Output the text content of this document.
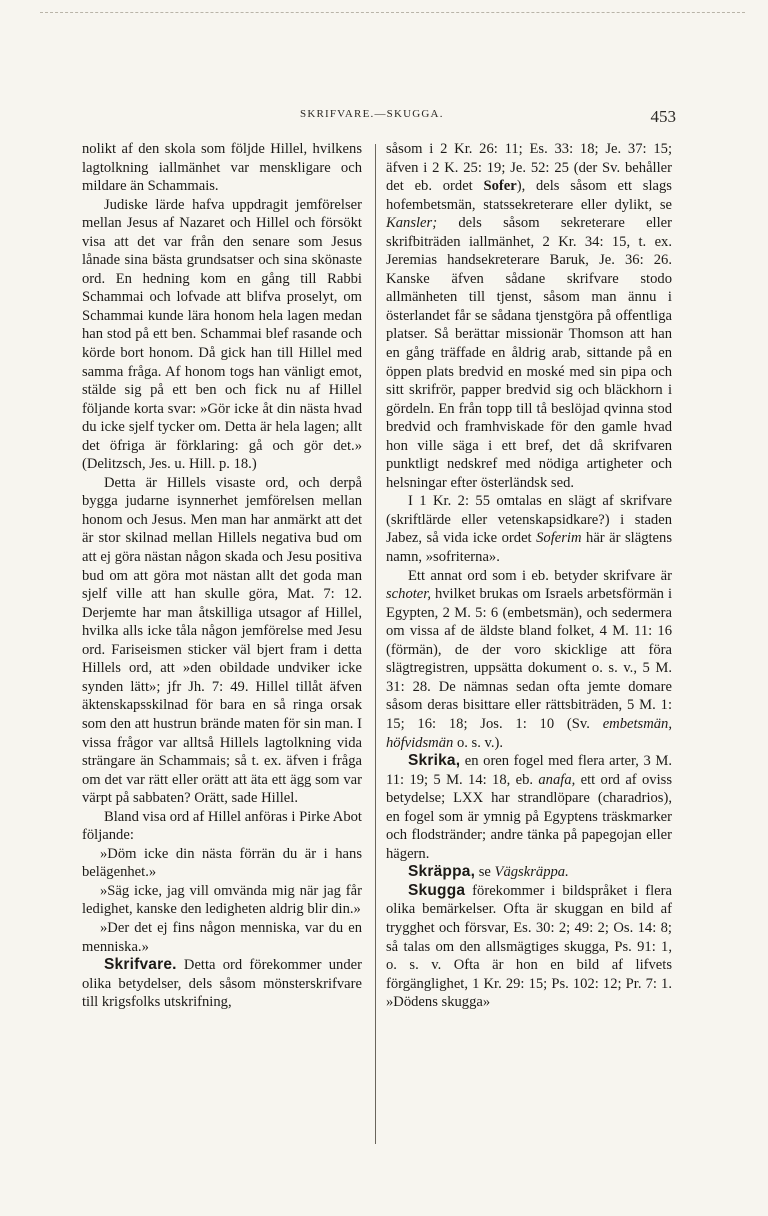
SKRIFVARE.—SKUGGA.	453

nolikt af den skola som följde Hillel, hvilkens lagtolkning iallmänhet var menskligare och mildare än Schammais.

Judiske lärde hafva uppdragit jemförelser mellan Jesus af Nazaret och Hillel och försökt visa att det var från den senare som Jesus lånade sina bästa grundsatser och sina skönaste ord. En hedning kom en gång till Rabbi Schammai och lofvade att blifva proselyt, om Schammai kunde lära honom hela lagen medan han stod på ett ben. Schammai blef rasande och körde bort honom. Då gick han till Hillel med samma fråga. Af honom togs han vänligt emot, stälde sig på ett ben och fick nu af Hillel följande korta svar: »Gör icke åt din nästa hvad du icke sjelf tycker om. Detta är hela lagen; allt det öfriga är förklaring: gå och gör det.» (Delitzsch, Jes. u. Hill. p. 18.)

Detta är Hillels visaste ord, och derpå bygga judarne isynnerhet jemförelsen mellan honom och Jesus. Men man har anmärkt att det är stor skilnad mellan Hillels negativa bud om att ej göra nästan någon skada och Jesu positiva bud om att göra mot nästan allt det goda man sjelf ville att han skulle göra, Mat. 7: 12. Derjemte har man åtskilliga utsagor af Hillel, hvilka alls icke tåla någon jemförelse med Jesu ord. Fariseismen sticker väl bjert fram i detta Hillels ord, att »den obildade undviker icke synden lätt»; jfr Jh. 7: 49. Hillel tillåt äfven äktenskapsskilnad för bara en så ringa orsak som den att hustrun brände maten för sin man. I vissa frågor var alltså Hillels lagtolkning vida strängare än Schammais; så t. ex. äfven i fråga om det var rätt eller orätt att äta ett ägg som var värpt på sabbaten? Orätt, sade Hillel.

Bland visa ord af Hillel anföras i Pirke Abot följande:

»Döm icke din nästa förrän du är i hans belägenhet.»

»Säg icke, jag vill omvända mig när jag får ledighet, kanske den ledigheten aldrig blir din.»

»Der det ej fins någon menniska, var du en menniska.»

Skrifvare. Detta ord förekommer under olika betydelser, dels såsom mönsterskrifvare till krigsfolks utskrifning,

såsom i 2 Kr. 26: 11; Es. 33: 18; Je. 37: 15; äfven i 2 K. 25: 19; Je. 52: 25 (der Sv. behåller det eb. ordet Sofer), dels såsom ett slags hofembetsmän, statssekreterare eller dylikt, se Kansler; dels såsom sekreterare eller skrifbiträden iallmänhet, 2 Kr. 34: 15, t. ex. Jeremias handsekreterare Baruk, Je. 36: 26. Kanske äfven sådane skrifvare stodo allmänheten till tjenst, såsom man ännu i österlandet får se sådana tjenstgöra på offentliga platser. Så berättar missionär Thomson att han en gång träffade en åldrig arab, sittande på en öppen plats bredvid en moské med sin pipa och sitt skrifrör, papper bredvid sig och bläckhorn i gördeln. En från topp till tå beslöjad qvinna stod bredvid och framhviskade för den gamle hvad hon ville säga i ett bref, det då skrifvaren punktligt nedskref med nödiga artigheter och helsningar efter österländsk sed.

I 1 Kr. 2: 55 omtalas en slägt af skrifvare (skriftlärde eller vetenskapsidkare?) i staden Jabez, så vida icke ordet Soferim här är slägtens namn, »sofriterna».

Ett annat ord som i eb. betyder skrifvare är schoter, hvilket brukas om Israels arbetsförmän i Egypten, 2 M. 5: 6 (embetsmän), och sedermera om vissa af de äldste bland folket, 4 M. 11: 16 (förmän), de der voro skicklige att föra slägtregistren, uppsätta dokument o. s. v., 5 M. 31: 28. De nämnas sedan ofta jemte domare såsom deras bisittare eller rättsbiträden, 5 M. 1: 15; 16: 18; Jos. 1: 10 (Sv. embetsmän, höfvidsmän o. s. v.).

Skrika, en oren fogel med flera arter, 3 M. 11: 19; 5 M. 14: 18, eb. anafa, ett ord af oviss betydelse; LXX har strandlöpare (charadrios), en fogel som är ymnig på Egyptens träskmarker och flodstränder; andre tänka på papegojan eller hägern.

Skräppa, se Vägskräppa.

Skugga förekommer i bildspråket i flera olika bemärkelser. Ofta är skuggan en bild af trygghet och försvar, Es. 30: 2; 49: 2; Os. 14: 8; så talas om den allsmägtiges skugga, Ps. 91: 1, o. s. v. Ofta är hon en bild af lifvets förgänglighet, 1 Kr. 29: 15; Ps. 102: 12; Pr. 7: 1. »Dödens skugga»
